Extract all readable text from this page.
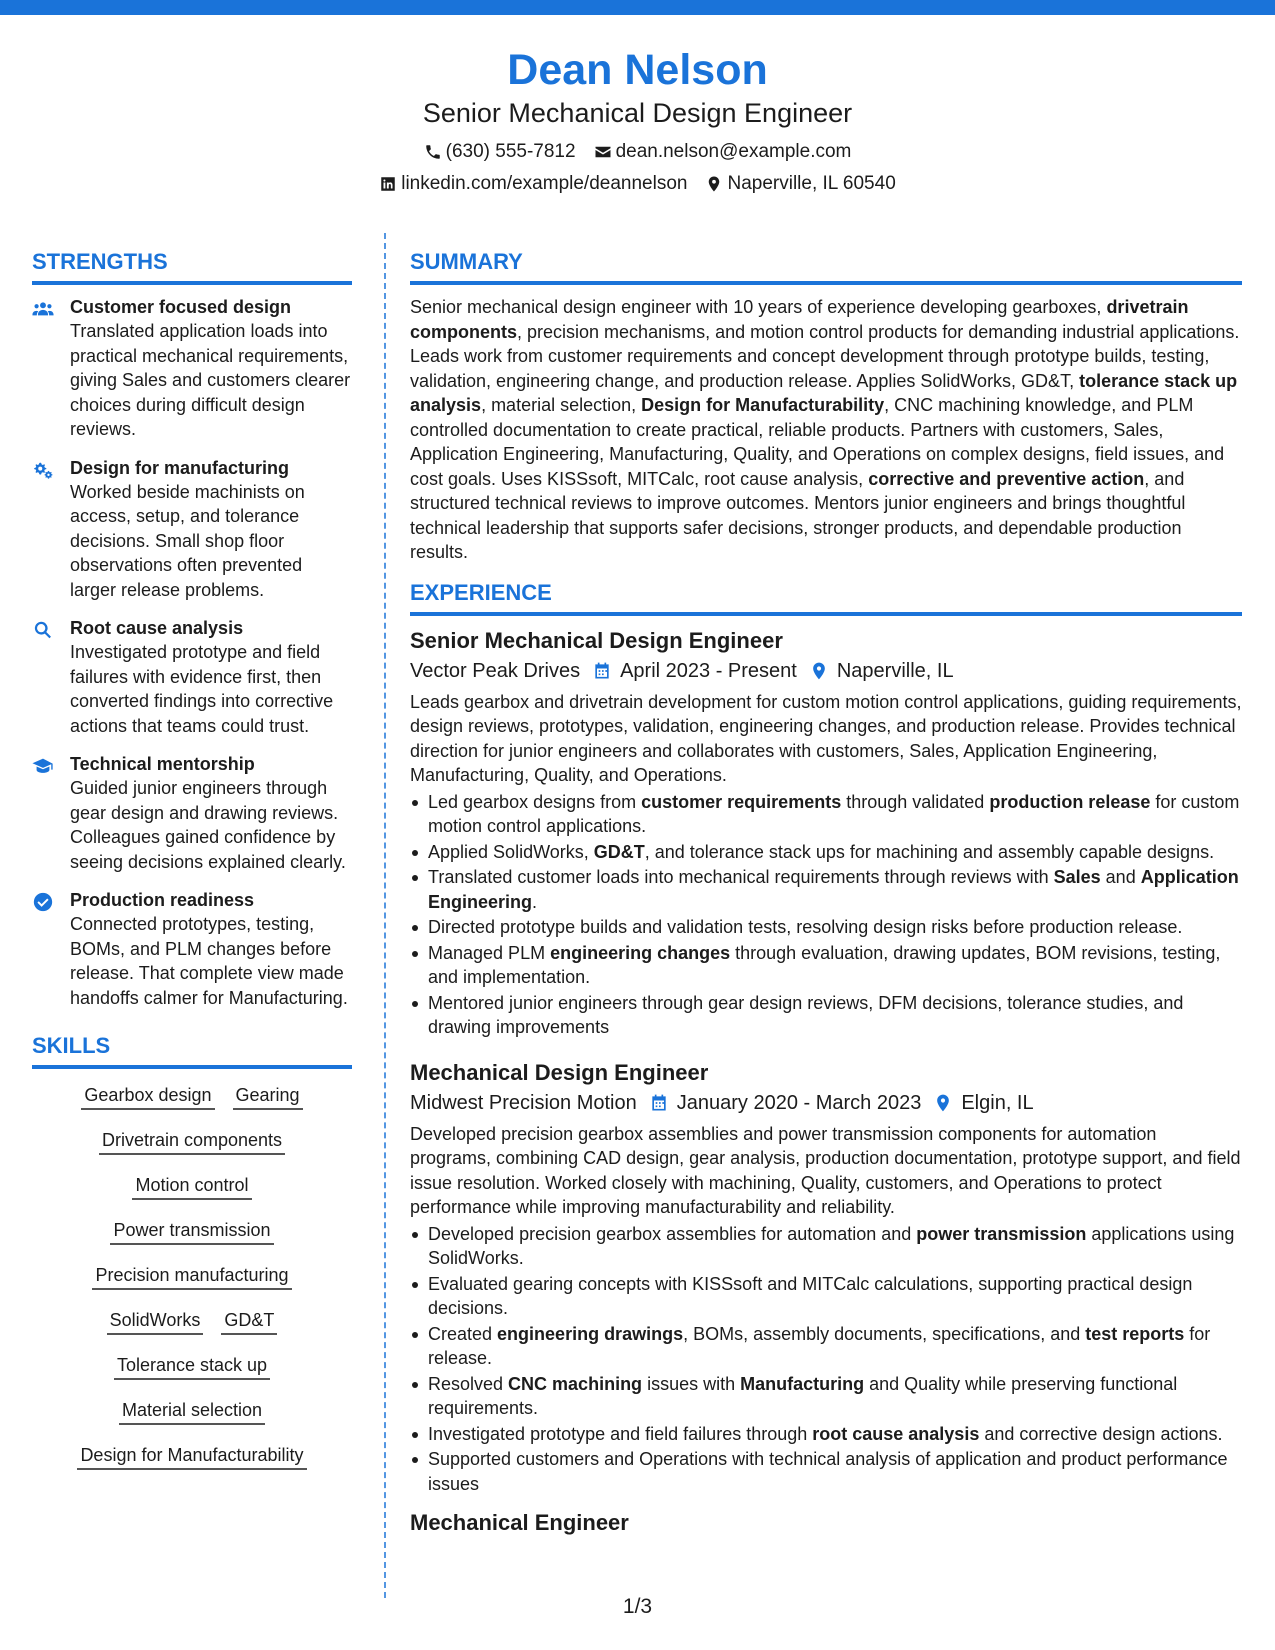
Dean Nelson
Senior Mechanical Design Engineer
(630) 555-7812 dean.nelson@example.com
linkedin.com/example/deannelson Naperville, IL 60540
STRENGTHS
Customer focused design
Translated application loads into practical mechanical requirements, giving Sales and customers clearer choices during difficult design reviews.
Design for manufacturing
Worked beside machinists on access, setup, and tolerance decisions. Small shop floor observations often prevented larger release problems.
Root cause analysis
Investigated prototype and field failures with evidence first, then converted findings into corrective actions that teams could trust.
Technical mentorship
Guided junior engineers through gear design and drawing reviews. Colleagues gained confidence by seeing decisions explained clearly.
Production readiness
Connected prototypes, testing, BOMs, and PLM changes before release. That complete view made handoffs calmer for Manufacturing.
SKILLS
Gearbox design Gearing
Drivetrain components
Motion control
Power transmission
Precision manufacturing
SolidWorks GD&T
Tolerance stack up
Material selection
Design for Manufacturability
SUMMARY

Senior mechanical design engineer with 10 years of experience developing gearboxes, drivetrain components, precision mechanisms, and motion control products for demanding industrial applications. Leads work from customer requirements and concept development through prototype builds, testing, validation, engineering change, and production release. Applies SolidWorks, GD&T, tolerance stack up analysis, material selection, Design for Manufacturability, CNC machining knowledge, and PLM controlled documentation to create practical, reliable products. Partners with customers, Sales, Application Engineering, Manufacturing, Quality, and Operations on complex designs, field issues, and cost goals. Uses KISSsoft, MITCalc, root cause analysis, corrective and preventive action, and structured technical reviews to improve outcomes. Mentors junior engineers and brings thoughtful technical leadership that supports safer decisions, stronger products, and dependable production results.

EXPERIENCE
Senior Mechanical Design Engineer
Vector Peak Drives April 2023 - Present Naperville, IL
Leads gearbox and drivetrain development for custom motion control applications, guiding requirements, design reviews, prototypes, validation, engineering changes, and production release. Provides technical direction for junior engineers and collaborates with customers, Sales, Application Engineering, Manufacturing, Quality, and Operations.
Led gearbox designs from customer requirements through validated production release for custom motion control applications.
Applied SolidWorks, GD&T, and tolerance stack ups for machining and assembly capable designs.
Translated customer loads into mechanical requirements through reviews with Sales and Application Engineering.
Directed prototype builds and validation tests, resolving design risks before production release.
Managed PLM engineering changes through evaluation, drawing updates, BOM revisions, testing, and implementation.
Mentored junior engineers through gear design reviews, DFM decisions, tolerance studies, and drawing improvements
Mechanical Design Engineer
Midwest Precision Motion January 2020 - March 2023 Elgin, IL
Developed precision gearbox assemblies and power transmission components for automation programs, combining CAD design, gear analysis, production documentation, prototype support, and field issue resolution. Worked closely with machining, Quality, customers, and Operations to protect performance while improving manufacturability and reliability.
Developed precision gearbox assemblies for automation and power transmission applications using SolidWorks.
Evaluated gearing concepts with KISSsoft and MITCalc calculations, supporting practical design decisions.
Created engineering drawings, BOMs, assembly documents, specifications, and test reports for release.
Resolved CNC machining issues with Manufacturing and Quality while preserving functional requirements.
Investigated prototype and field failures through root cause analysis and corrective design actions.
Supported customers and Operations with technical analysis of application and product performance issues
Mechanical Engineer
1/3
